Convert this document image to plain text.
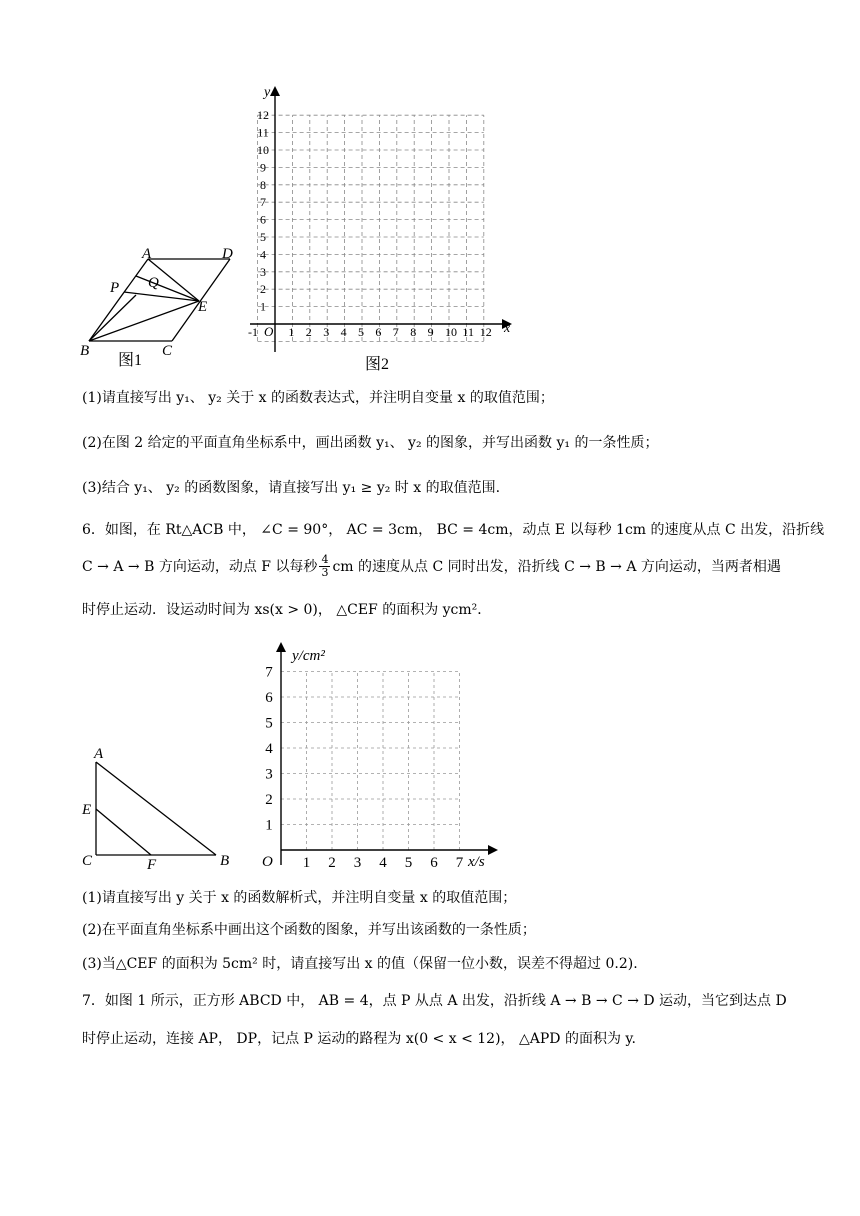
A	D
P Q
E
B	C
图1
1 2 3 4 5 6 7 8 9 10 11 12
1
2
3
4
5
6
7
8
9
10
11
12
x
y
O
-1
图2
(1)请直接写出 y₁、 y₂ 关于 x 的函数表达式，并注明自变量 x 的取值范围；
(2)在图 2 给定的平面直角坐标系中，画出函数 y₁、 y₂ 的图象，并写出函数 y₁ 的一条性质；
(3)结合 y₁、 y₂ 的函数图象，请直接写出 y₁ ≥ y₂ 时 x 的取值范围.
6．如图，在 Rt△ACB 中， ∠C = 90°， AC = 3cm， BC = 4cm，动点 E 以每秒 1cm 的速度从点 C 出发，沿折线
C → A → B 方向运动，动点 F 以每秒 $\frac{4}{3}$ cm 的速度从点 C 同时出发，沿折线 C → B → A 方向运动，当两者相遇
时停止运动．设运动时间为 xs(x > 0)， △CEF 的面积为 ycm²．
A
E
C	F	B	1 2 3 4 5 6 7
1
2
3
4
5
6
7
y/cm²
x/s
O
(1)请直接写出 y 关于 x 的函数解析式，并注明自变量 x 的取值范围；
(2)在平面直角坐标系中画出这个函数的图象，并写出该函数的一条性质；
(3)当△CEF 的面积为 5cm² 时，请直接写出 x 的值（保留一位小数，误差不得超过 0.2).
7．如图 1 所示，正方形 ABCD 中， AB = 4，点 P 从点 A 出发，沿折线 A → B → C → D 运动，当它到达点 D
时停止运动，连接 AP， DP，记点 P 运动的路程为 x(0 < x < 12)， △APD 的面积为 y.
